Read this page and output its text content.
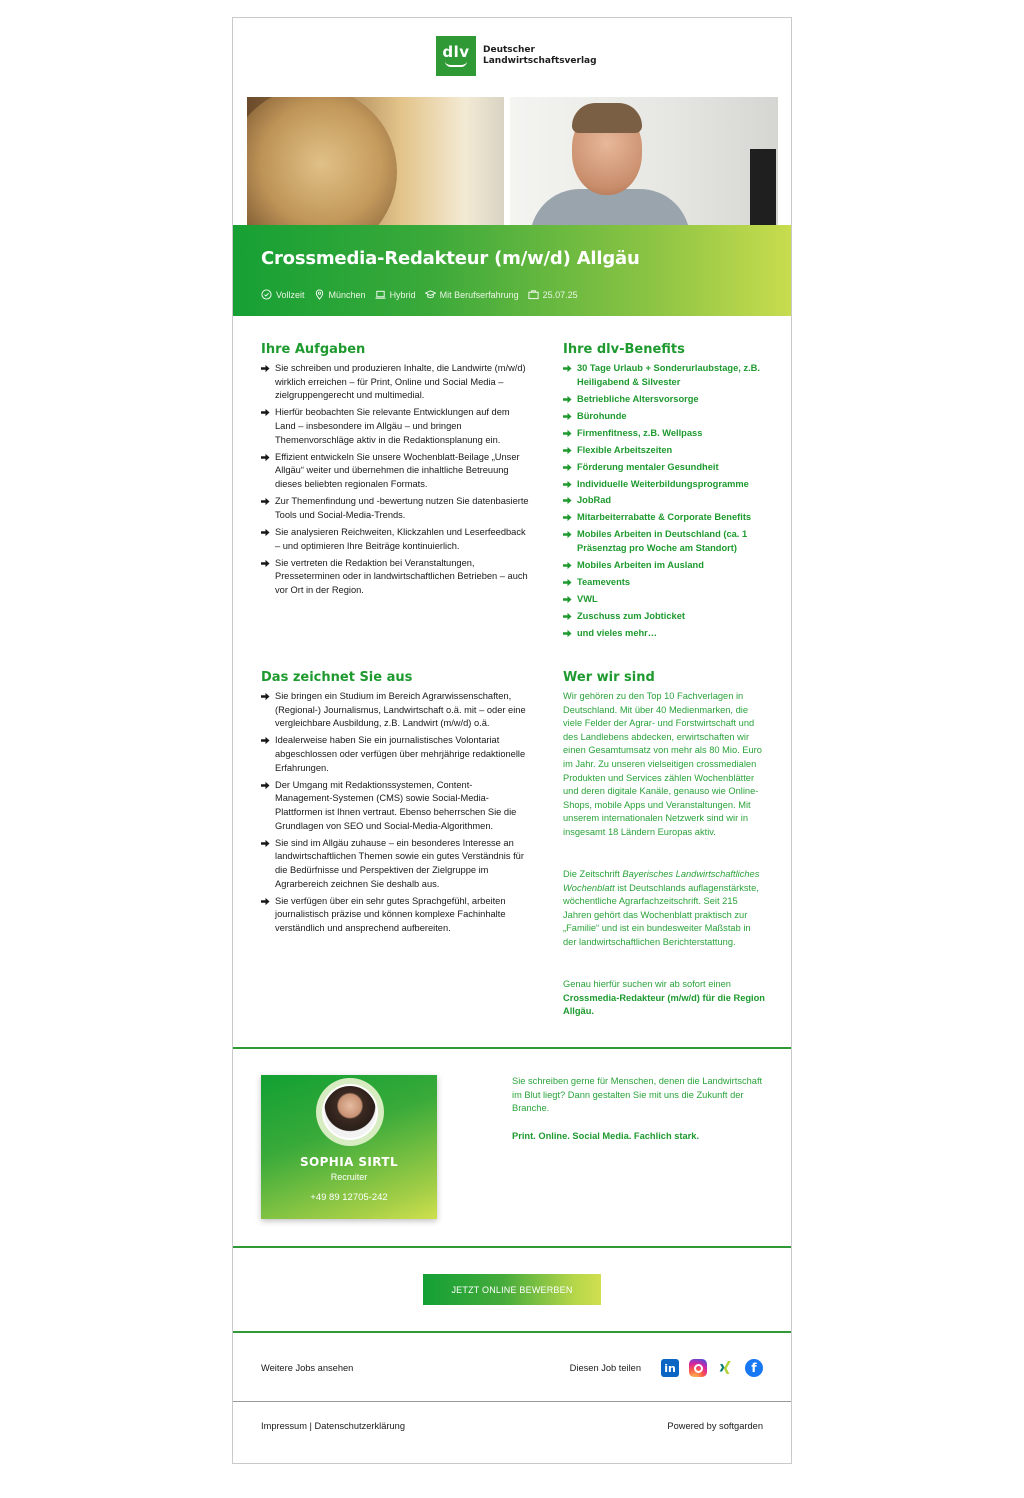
dlv Deutscher
Landwirtschaftsverlag
Crossmedia-Redakteur (m/w/d) Allgäu
Vollzeit	München	Hybrid	Mit Berufserfahrung	25.07.25
Ihre Aufgaben
Sie schreiben und produzieren Inhalte, die Landwirte (m/w/d) wirklich erreichen – für Print, Online und Social Media – zielgruppengerecht und multimedial.
Hierfür beobachten Sie relevante Entwicklungen auf dem Land – insbesondere im Allgäu – und bringen Themenvorschläge aktiv in die Redaktionsplanung ein.
Effizient entwickeln Sie unsere Wochenblatt-Beilage „Unser Allgäu“ weiter und übernehmen die inhaltliche Betreuung dieses beliebten regionalen Formats.
Zur Themenfindung und -bewertung nutzen Sie datenbasierte Tools und Social-Media-Trends.
Sie analysieren Reichweiten, Klickzahlen und Leserfeedback – und optimieren Ihre Beiträge kontinuierlich.
Sie vertreten die Redaktion bei Veranstaltungen, Presseterminen oder in landwirtschaftlichen Betrieben – auch vor Ort in der Region.
Ihre dlv-Benefits
30 Tage Urlaub + Sonderurlaubstage, z.B. Heiligabend & Silvester
Betriebliche Altersvorsorge
Bürohunde
Firmenfitness, z.B. Wellpass
Flexible Arbeitszeiten
Förderung mentaler Gesundheit
Individuelle Weiterbildungsprogramme
JobRad
Mitarbeiterrabatte & Corporate Benefits
Mobiles Arbeiten in Deutschland (ca. 1 Präsenztag pro Woche am Standort)
Mobiles Arbeiten im Ausland
Teamevents
VWL
Zuschuss zum Jobticket
und vieles mehr…
Das zeichnet Sie aus
Sie bringen ein Studium im Bereich Agrarwissenschaften, (Regional-) Journalismus, Landwirtschaft o.ä. mit – oder eine vergleichbare Ausbildung, z.B. Landwirt (m/w/d) o.ä.
Idealerweise haben Sie ein journalistisches Volontariat abgeschlossen oder verfügen über mehrjährige redaktionelle Erfahrungen.
Der Umgang mit Redaktionssystemen, Content-Management-Systemen (CMS) sowie Social-Media-Plattformen ist Ihnen vertraut. Ebenso beherrschen Sie die Grundlagen von SEO und Social-Media-Algorithmen.
Sie sind im Allgäu zuhause – ein besonderes Interesse an landwirtschaftlichen Themen sowie ein gutes Verständnis für die Bedürfnisse und Perspektiven der Zielgruppe im Agrarbereich zeichnen Sie deshalb aus.
Sie verfügen über ein sehr gutes Sprachgefühl, arbeiten journalistisch präzise und können komplexe Fachinhalte verständlich und ansprechend aufbereiten.
Wer wir sind
Wir gehören zu den Top 10 Fachverlagen in Deutschland. Mit über 40 Medienmarken, die viele Felder der Agrar- und Forstwirtschaft und des Landlebens abdecken, erwirtschaften wir einen Gesamtumsatz von mehr als 80 Mio. Euro im Jahr. Zu unseren vielseitigen crossmedialen Produkten und Services zählen Wochenblätter und deren digitale Kanäle, genauso wie Online-Shops, mobile Apps und Veranstaltungen. Mit unserem internationalen Netzwerk sind wir in insgesamt 18 Ländern Europas aktiv.
Die Zeitschrift Bayerisches Landwirtschaftliches Wochenblatt ist Deutschlands auflagenstärkste, wöchentliche Agrarfachzeitschrift. Seit 215 Jahren gehört das Wochenblatt praktisch zur „Familie“ und ist ein bundesweiter Maßstab in der landwirtschaftlichen Berichterstattung.
Genau hierfür suchen wir ab sofort einen Crossmedia-Redakteur (m/w/d) für die Region Allgäu.
SOPHIA SIRTL
Recruiter
+49 89 12705-242
Sie schreiben gerne für Menschen, denen die Landwirtschaft im Blut liegt? Dann gestalten Sie mit uns die Zukunft der Branche.
Print. Online. Social Media. Fachlich stark.
JETZT ONLINE BEWERBEN
Weitere Jobs ansehen	Diesen Job teilen in	f
Impressum | Datenschutzerklärung	Powered by softgarden
